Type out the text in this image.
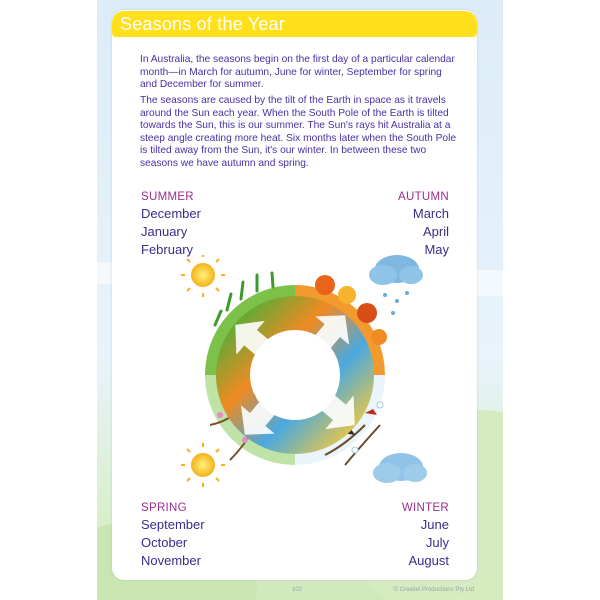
Seasons of the Year

In Australia, the seasons begin on the first day of a particular calendar month—in March for autumn, June for winter, September for spring and December for summer.

The seasons are caused by the tilt of the Earth in space as it travels around the Sun each year. When the South Pole of the Earth is tilted towards the Sun, this is our summer. The Sun's rays hit Australia at a steep angle creating more heat. Six months later when the South Pole is tilted away from the Sun, it's our winter. In between these two seasons we have autumn and spring.

SUMMER
December
January
February
AUTUMN
March
April
May
SPRING
September
October
November
WINTER
June
July
August
102	© Creatiel Productions Pty Ltd
